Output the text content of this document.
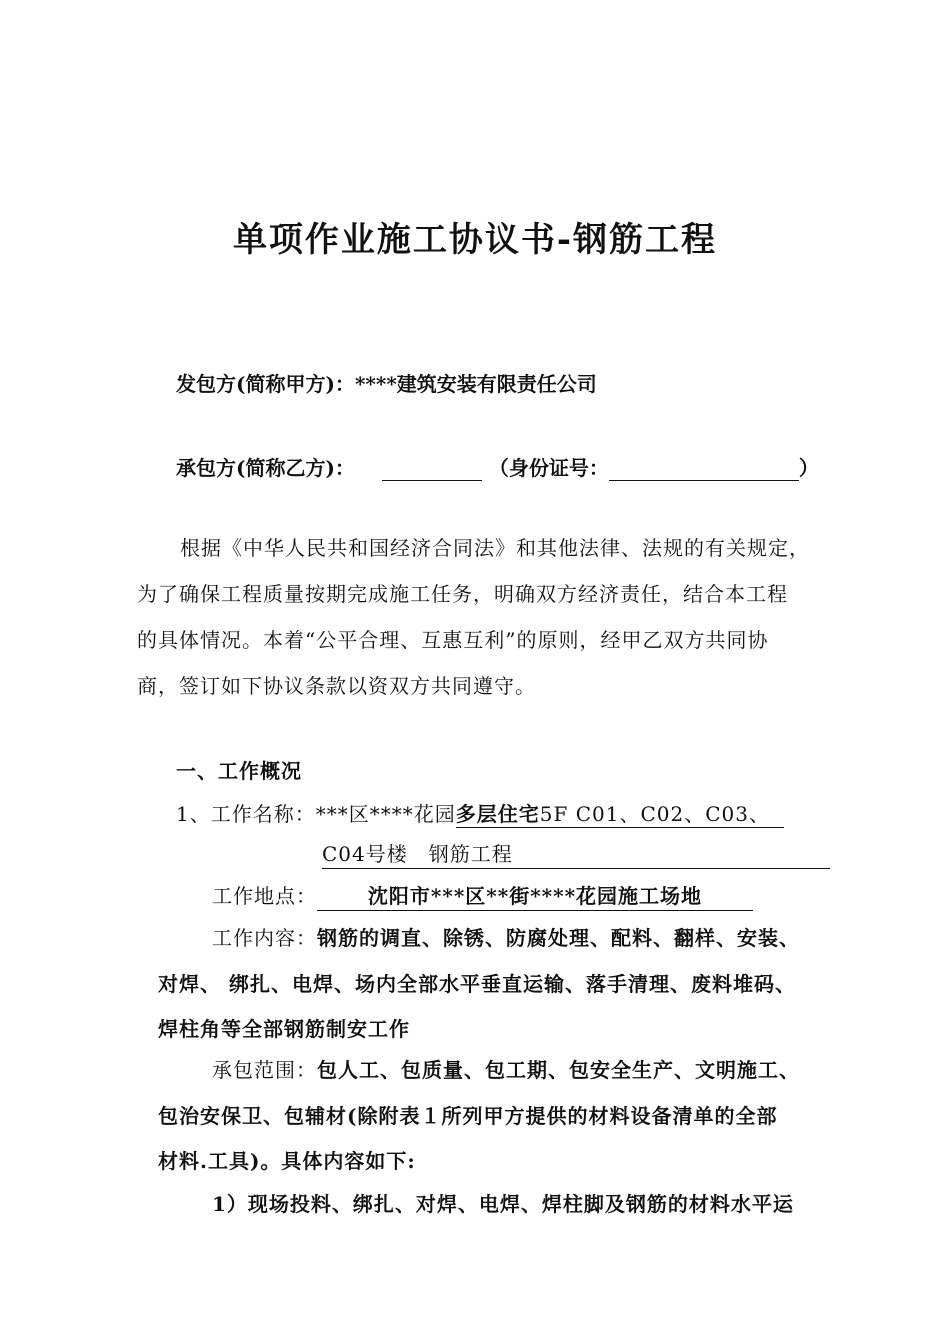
单项作业施工协议书-钢筋工程
发包方(简称甲方)：****建筑安装有限责任公司
承包方(简称乙方)：	（身份证号：	）
根据《中华人民共和国经济合同法》和其他法律、法规的有关规定，
为了确保工程质量按期完成施工任务，明确双方经济责任，结合本工程
的具体情况。本着“公平合理、互惠互利”的原则，经甲乙双方共同协
商，签订如下协议条款以资双方共同遵守。
一、工作概况
1、工作名称：***区****花园多层住宅5F C01、C02、C03、
C04号楼　钢筋工程
工作地点：	沈阳市***区**街****花园施工场地
工作内容：钢筋的调直、除锈、防腐处理、配料、翻样、安装、
对焊、 绑扎、电焊、场内全部水平垂直运输、落手清理、废料堆码、
焊柱角等全部钢筋制安工作
承包范围：包人工、包质量、包工期、包安全生产、文明施工、
包治安保卫、包辅材(除附表１所列甲方提供的材料设备清单的全部
材料.工具)。具体内容如下:
1）现场投料、绑扎、对焊、电焊、焊柱脚及钢筋的材料水平运
